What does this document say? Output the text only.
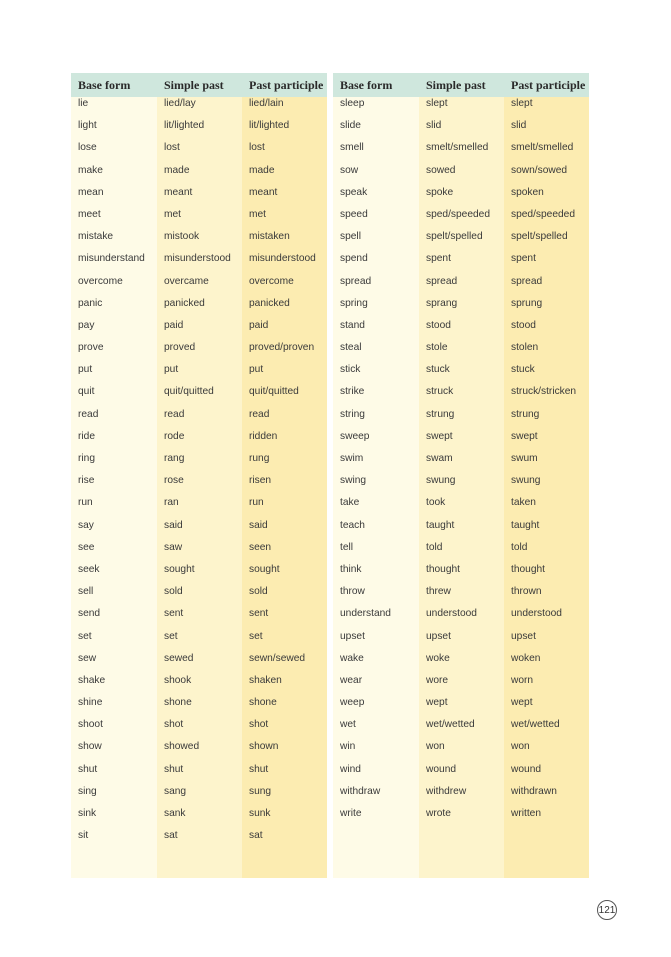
Base form
lie
light
lose
make
mean
meet
mistake
misunderstand
overcome
panic
pay
prove
put
quit
read
ride
ring
rise
run
say
see
seek
sell
send
set
sew
shake
shine
shoot
show
shut
sing
sink
sit
Simple past
lied/lay
lit/lighted
lost
made
meant
met
mistook
misunderstood
overcame
panicked
paid
proved
put
quit/quitted
read
rode
rang
rose
ran
said
saw
sought
sold
sent
set
sewed
shook
shone
shot
showed
shut
sang
sank
sat
Past participle
lied/lain
lit/lighted
lost
made
meant
met
mistaken
misunderstood
overcome
panicked
paid
proved/proven
put
quit/quitted
read
ridden
rung
risen
run
said
seen
sought
sold
sent
set
sewn/sewed
shaken
shone
shot
shown
shut
sung
sunk
sat
Base form
sleep
slide
smell
sow
speak
speed
spell
spend
spread
spring
stand
steal
stick
strike
string
sweep
swim
swing
take
teach
tell
think
throw
understand
upset
wake
wear
weep
wet
win
wind
withdraw
write
Simple past
slept
slid
smelt/smelled
sowed
spoke
sped/speeded
spelt/spelled
spent
spread
sprang
stood
stole
stuck
struck
strung
swept
swam
swung
took
taught
told
thought
threw
understood
upset
woke
wore
wept
wet/wetted
won
wound
withdrew
wrote
Past participle
slept
slid
smelt/smelled
sown/sowed
spoken
sped/speeded
spelt/spelled
spent
spread
sprung
stood
stolen
stuck
struck/stricken
strung
swept
swum
swung
taken
taught
told
thought
thrown
understood
upset
woken
worn
wept
wet/wetted
won
wound
withdrawn
written
121
